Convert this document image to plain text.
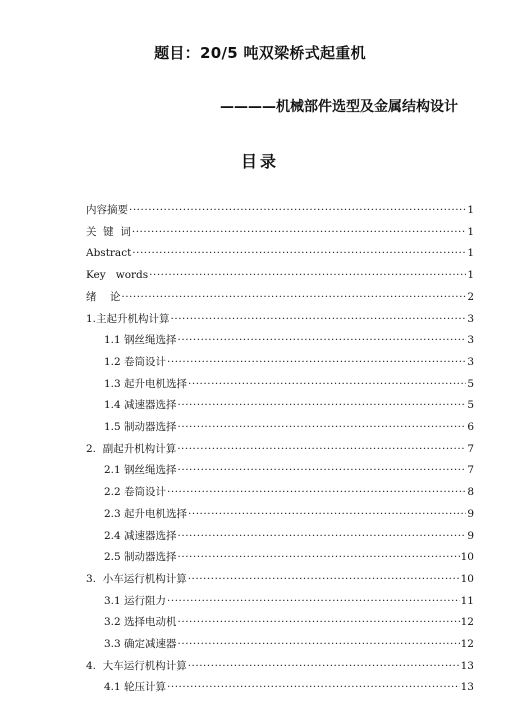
题目：20/5 吨双梁桥式起重机
————机械部件选型及金属结构设计
目录
内容摘要 ·····	1
关  键  词 ·····	1
Abstract ·····	1
Key   words ·····	1
绪    论 ·····	2
1.主起升机构计算 ·····	3
1.1 钢丝绳选择 ·····	3
1.2 卷筒设计 ·····	3
1.3 起升电机选择 ·····	5
1.4 减速器选择 ·····	5
1.5 制动器选择 ·····	6
2.  副起升机构计算 ·····	7
2.1 钢丝绳选择 ·····	7
2.2 卷筒设计 ·····	8
2.3 起升电机选择 ·····	9
2.4 减速器选择 ·····	9
2.5 制动器选择 ·····	10
3.  小车运行机构计算 ·····	10
3.1 运行阻力 ·····	11
3.2 选择电动机 ·····	12
3.3 确定减速器 ·····	12
4.  大车运行机构计算 ·····	13
4.1 轮压计算 ·····	13
